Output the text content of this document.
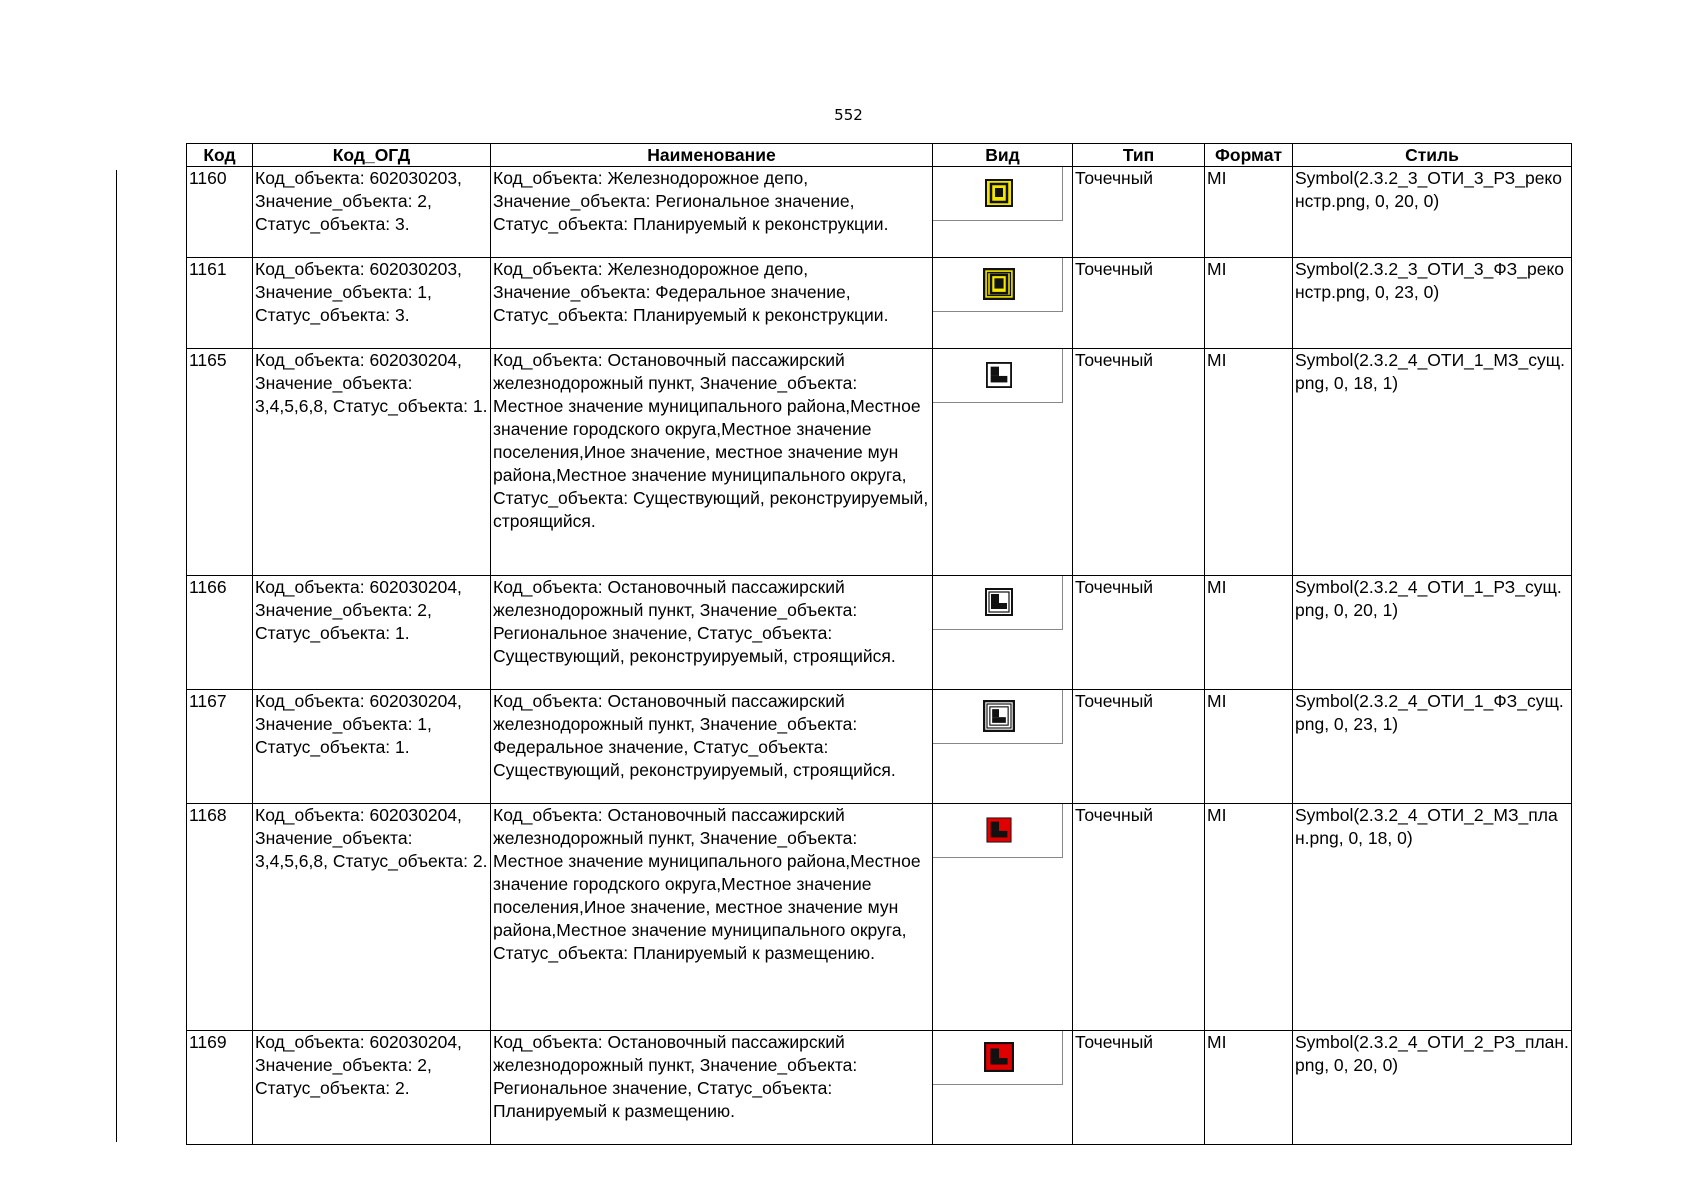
552
Код	Код_ОГД	Наименование	Вид	Тип	Формат	Стиль

1160	Код_объекта: 602030203, Значение_объекта: 2, Статус_объекта: 3.	Код_объекта: Железнодорожное депо, Значение_объекта: Региональное значение, Статус_объекта: Планируемый к реконструкции.		Точечный	MI	Symbol(2.3.2_3_ОТИ_3_РЗ_реконстр.png, 0, 20, 0)

1161	Код_объекта: 602030203, Значение_объекта: 1, Статус_объекта: 3.	Код_объекта: Железнодорожное депо, Значение_объекта: Федеральное значение, Статус_объекта: Планируемый к реконструкции.		Точечный	MI	Symbol(2.3.2_3_ОТИ_3_ФЗ_реконстр.png, 0, 23, 0)

1165	Код_объекта: 602030204, Значение_объекта: 3,4,5,6,8, Статус_объекта: 1.	Код_объекта: Остановочный пассажирский железнодорожный пункт, Значение_объекта: Местное значение муниципального района,Местное значение городского округа,Местное значение поселения,Иное значение, местное значение мун района,Местное значение муниципального округа, Статус_объекта: Существующий, реконструируемый, строящийся.		Точечный	MI	Symbol(2.3.2_4_ОТИ_1_МЗ_сущ.png, 0, 18, 1)

1166	Код_объекта: 602030204, Значение_объекта: 2, Статус_объекта: 1.	Код_объекта: Остановочный пассажирский железнодорожный пункт, Значение_объекта: Региональное значение, Статус_объекта: Существующий, реконструируемый, строящийся.		Точечный	MI	Symbol(2.3.2_4_ОТИ_1_РЗ_сущ.png, 0, 20, 1)

1167	Код_объекта: 602030204, Значение_объекта: 1, Статус_объекта: 1.	Код_объекта: Остановочный пассажирский железнодорожный пункт, Значение_объекта: Федеральное значение, Статус_объекта: Существующий, реконструируемый, строящийся.		Точечный	MI	Symbol(2.3.2_4_ОТИ_1_ФЗ_сущ.png, 0, 23, 1)

1168	Код_объекта: 602030204, Значение_объекта: 3,4,5,6,8, Статус_объекта: 2.	Код_объекта: Остановочный пассажирский железнодорожный пункт, Значение_объекта: Местное значение муниципального района,Местное значение городского округа,Местное значение поселения,Иное значение, местное значение мун района,Местное значение муниципального округа, Статус_объекта: Планируемый к размещению.		Точечный	MI	Symbol(2.3.2_4_ОТИ_2_МЗ_план.png, 0, 18, 0)

1169	Код_объекта: 602030204, Значение_объекта: 2, Статус_объекта: 2.	Код_объекта: Остановочный пассажирский железнодорожный пункт, Значение_объекта: Региональное значение, Статус_объекта: Планируемый к размещению.		Точечный	MI	Symbol(2.3.2_4_ОТИ_2_РЗ_план.png, 0, 20, 0)
